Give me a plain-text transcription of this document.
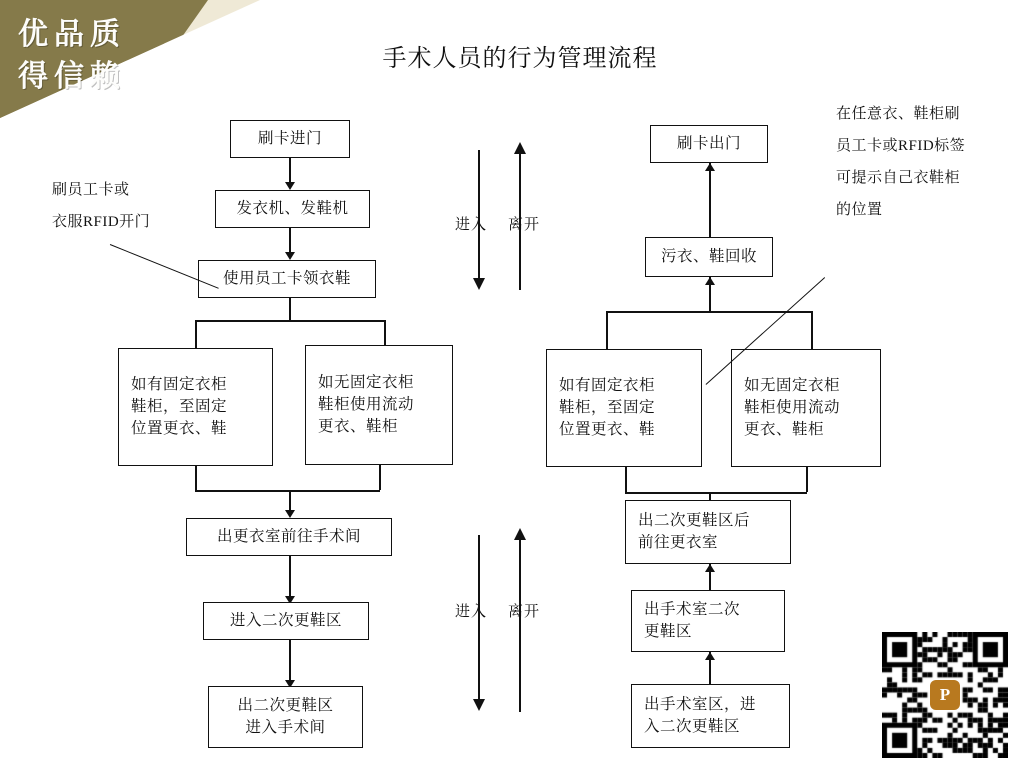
优品质
得信赖
手术人员的行为管理流程
刷卡进门
发衣机、发鞋机
使用员工卡领衣鞋
如有固定衣柜
鞋柜，至固定
位置更衣、鞋
如无固定衣柜
鞋柜使用流动
更衣、鞋柜
出更衣室前往手术间
进入二次更鞋区
出二次更鞋区
进入手术间
刷卡出门
污衣、鞋回收
如有固定衣柜
鞋柜，至固定
位置更衣、鞋
如无固定衣柜
鞋柜使用流动
更衣、鞋柜
出二次更鞋区后
前往更衣室
出手术室二次
更鞋区
出手术室区，进
入二次更鞋区
进入 离开
进入 离开
刷员工卡或
衣服RFID开门
在任意衣、鞋柜刷
员工卡或RFID标签
可提示自己衣鞋柜
的位置
P
